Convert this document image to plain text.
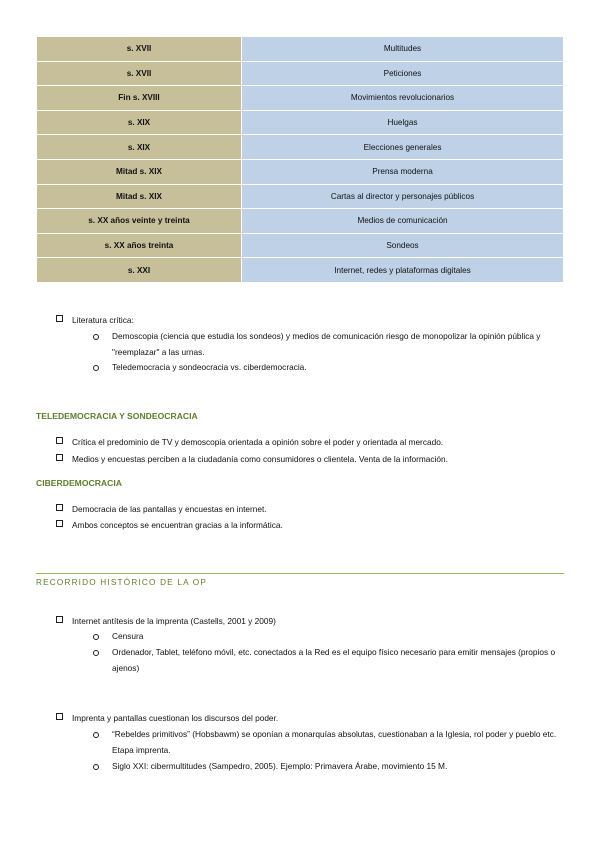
s. XVII	Multitudes
s. XVII	Peticiones
Fin s. XVIII	Movimientos revolucionarios
s. XIX	Huelgas
s. XIX	Elecciones generales
Mitad s. XIX	Prensa moderna
Mitad s. XIX	Cartas al director y personajes públicos
s. XX años veinte y treinta	Medios de comunicación
s. XX años treinta	Sondeos
s. XXI	Internet, redes y plataformas digitales
Literatura crítica:
Demoscopia (ciencia que estudia los sondeos) y medios de comunicación riesgo de monopolizar la opinión pública y "reemplazar" a las urnas.
Teledemocracia y sondeocracia vs. ciberdemocracia.
TELEDEMOCRACIA Y SONDEOCRACIA
Crítica el predominio de TV y demoscopia orientada a opinión sobre el poder y orientada al mercado.
Medios y encuestas perciben a la ciudadanía como consumidores o clientela. Venta de la información.
CIBERDEMOCRACIA
Democracia de las pantallas y encuestas en internet.
Ambos conceptos se encuentran gracias a la informática.
RECORRIDO HISTÓRICO DE LA OP
Internet antítesis de la imprenta (Castells, 2001 y 2009)
Censura
Ordenador, Tablet, teléfono móvil, etc. conectados a la Red es el equipo físico necesario para emitir mensajes (propios o ajenos)
Imprenta y pantallas cuestionan los discursos del poder.
“Rebeldes primitivos” (Hobsbawm) se oponían a monarquías absolutas, cuestionaban a la Iglesia, rol poder y pueblo etc. Etapa imprenta.
Siglo XXI: cibermultitudes (Sampedro, 2005). Ejemplo: Primavera Árabe, movimiento 15 M.
